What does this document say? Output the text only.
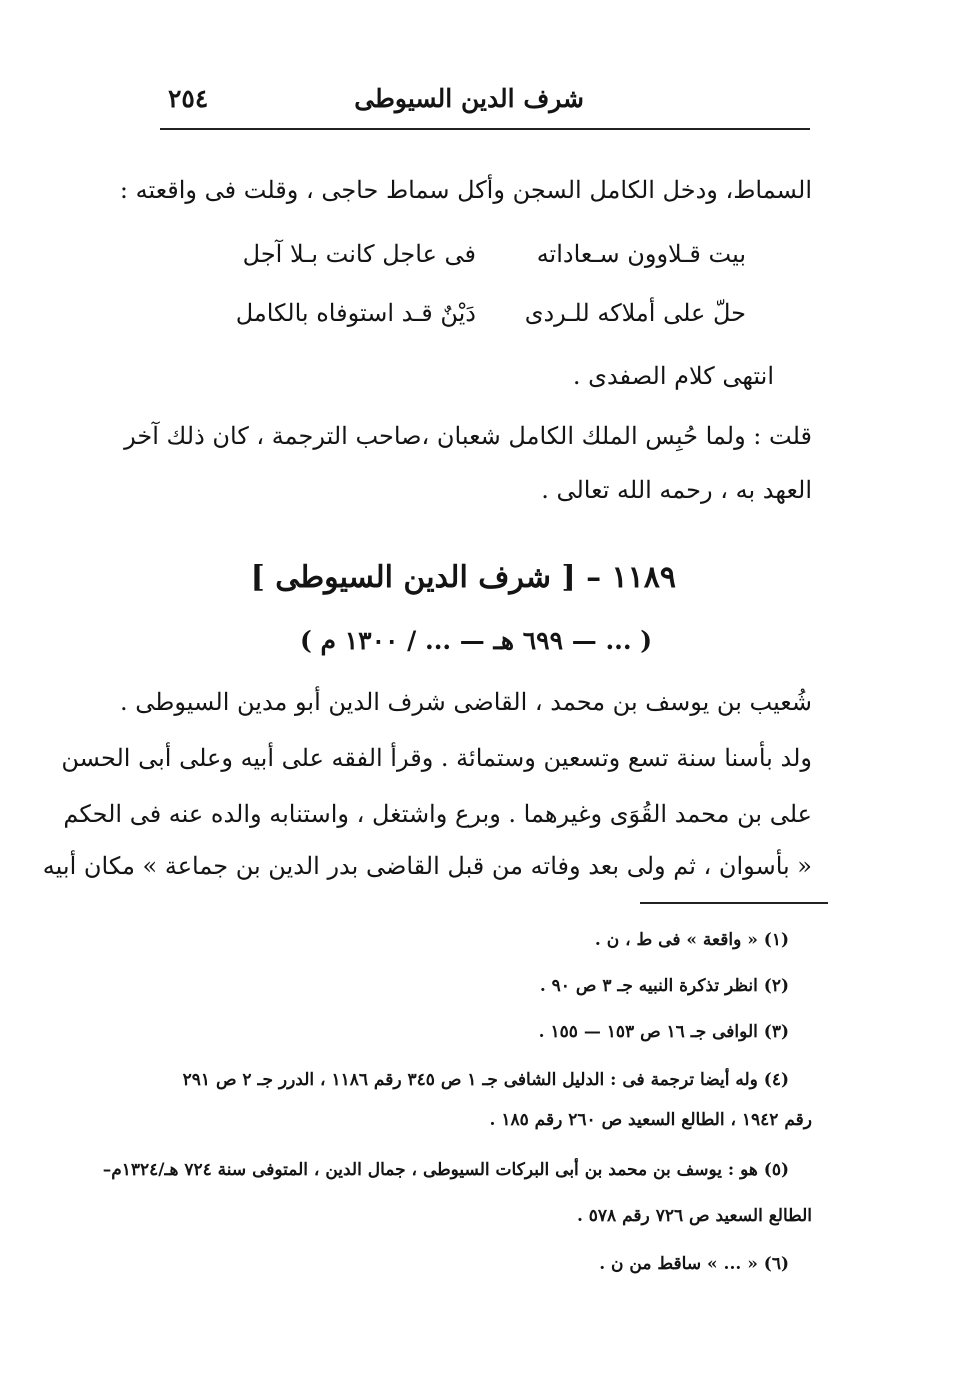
شرف الدين السيوطى
٢٥٤
السماط، ودخل الكامل السجن وأكل سماط حاجى ، وقلت فى واقعته :
بيت قـلاوون سـعاداته
فى عاجل كانت بـلا آجل
حلّ على أملاكه للـردى
دَيْنٌ قـد استوفاه بالكامل
انتهى كلام الصفدى .
قلت : ولما حُبِس الملك الكامل شعبان ،صاحب الترجمة ، كان ذلك آخر
العهد به ، رحمه الله تعالى .
١١٨٩ – [ شرف الدين السيوطى ]
( ٦٩٩ هـ — ... / ١٣٠٠ م — ... )
شُعيب بن يوسف بن محمد ، القاضى شرف الدين أبو مدين السيوطى .
ولد بأسنا سنة تسع وتسعين وستمائة . وقرأ الفقه على أبيه وعلى أبى الحسن
على بن محمد القُوَى وغيرهما . وبرع واشتغل ، واستنابه والده عنه فى الحكم
« بأسوان ، ثم ولى بعد وفاته من قبل القاضى بدر الدين بن جماعة » مكان أبيه
(١) « واقعة » فى ط ، ن .
(٢) انظر تذكرة النبيه جـ ٣ ص ٩٠ .
(٣) الوافى جـ ١٦ ص ١٥٣ — ١٥٥ .
(٤) وله أيضا ترجمة فى : الدليل الشافى جـ ١ ص ٣٤٥ رقم ١١٨٦ ، الدرر جـ ٢ ص ٢٩١
رقم ١٩٤٢ ، الطالع السعيد ص ٢٦٠ رقم ١٨٥ .
(٥) هو : يوسف بن محمد بن أبى البركات السيوطى ، جمال الدين ، المتوفى سنة ٧٢٤ هـ/١٣٢٤م–
الطالع السعيد ص ٧٢٦ رقم ٥٧٨ .
(٦) « ... » ساقط من ن .
